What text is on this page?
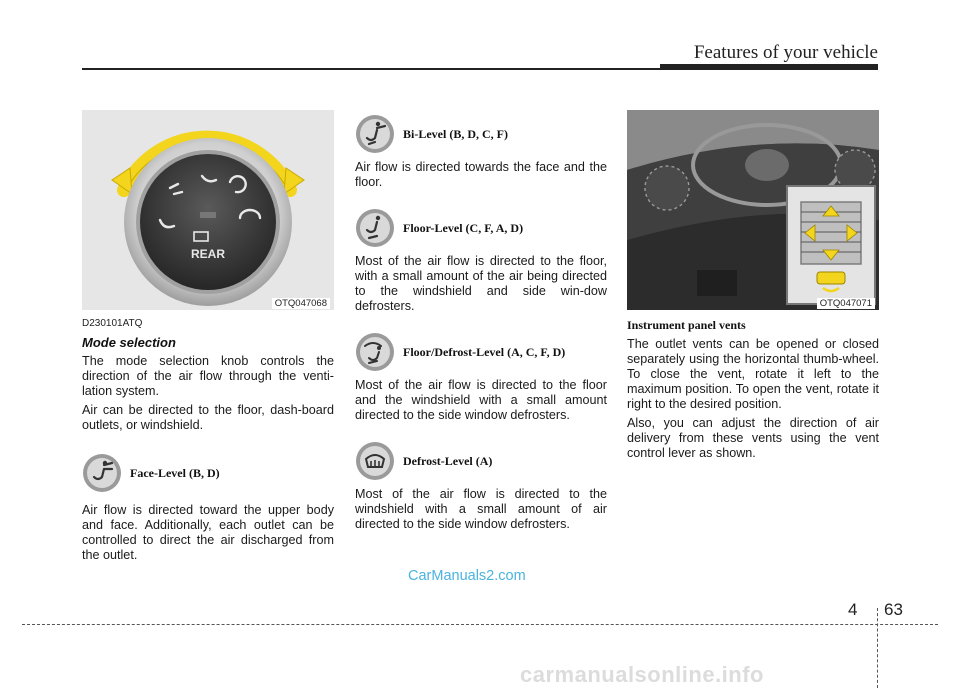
Features of your vehicle
REAR
OTQ047068
D230101ATQ
Mode selection

The mode selection knob controls the direction of the air flow through the venti-lation system.

Air can be directed to the floor, dash-board outlets, or windshield.

Face-Level (B, D)

Air flow is directed toward the upper body and face. Additionally, each outlet can be controlled to direct the air discharged from the outlet.

Bi-Level (B, D, C, F)

Air flow is directed towards the face and the floor.

Floor-Level (C, F, A, D)

Most of the air flow is directed to the floor, with a small amount of the air being directed to the windshield and side win-dow defrosters.

Floor/Defrost-Level (A, C, F, D)

Most of the air flow is directed to the floor and the windshield with a small amount directed to the side window defrosters.

Defrost-Level (A)

Most of the air flow is directed to the windshield with a small amount of air directed to the side window defrosters.

OTQ047071
Instrument panel vents

The outlet vents can be opened or closed separately using the horizontal thumb-wheel. To close the vent, rotate it left to the maximum position. To open the vent, rotate it right to the desired position.

Also, you can adjust the direction of air delivery from these vents using the vent control lever as shown.

CarManuals2.com
4 63
carmanualsonline.info
